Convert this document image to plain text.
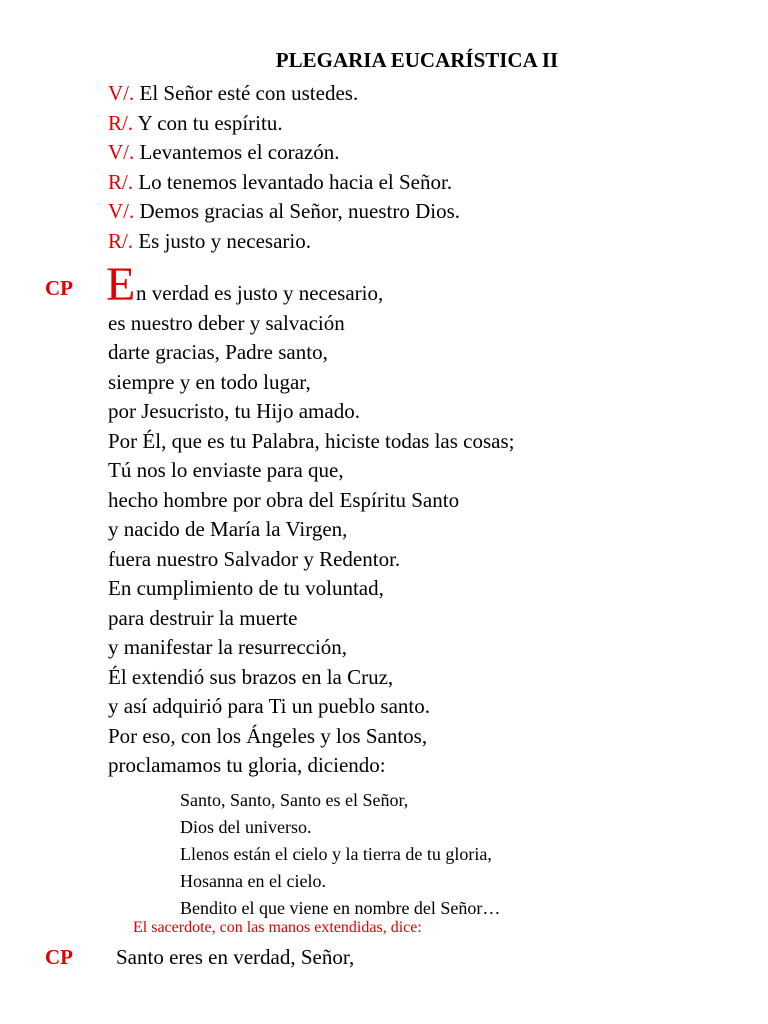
PLEGARIA EUCARÍSTICA II
V/. El Señor esté con ustedes.
R/. Y con tu espíritu.
V/. Levantemos el corazón.
R/. Lo tenemos levantado hacia el Señor.
V/. Demos gracias al Señor, nuestro Dios.
R/. Es justo y necesario.
CP E n verdad es justo y necesario,
es nuestro deber y salvación
darte gracias, Padre santo,
siempre y en todo lugar,
por Jesucristo, tu Hijo amado.
Por Él, que es tu Palabra, hiciste todas las cosas;
Tú nos lo enviaste para que,
hecho hombre por obra del Espíritu Santo
y nacido de María la Virgen,
fuera nuestro Salvador y Redentor.
En cumplimiento de tu voluntad,
para destruir la muerte
y manifestar la resurrección,
Él extendió sus brazos en la Cruz,
y así adquirió para Ti un pueblo santo.
Por eso, con los Ángeles y los Santos,
proclamamos tu gloria, diciendo:
Santo, Santo, Santo es el Señor,
Dios del universo.
Llenos están el cielo y la tierra de tu gloria,
Hosanna en el cielo.
Bendito el que viene en nombre del Señor…
El sacerdote, con las manos extendidas, dice:
CP Santo eres en verdad, Señor,
